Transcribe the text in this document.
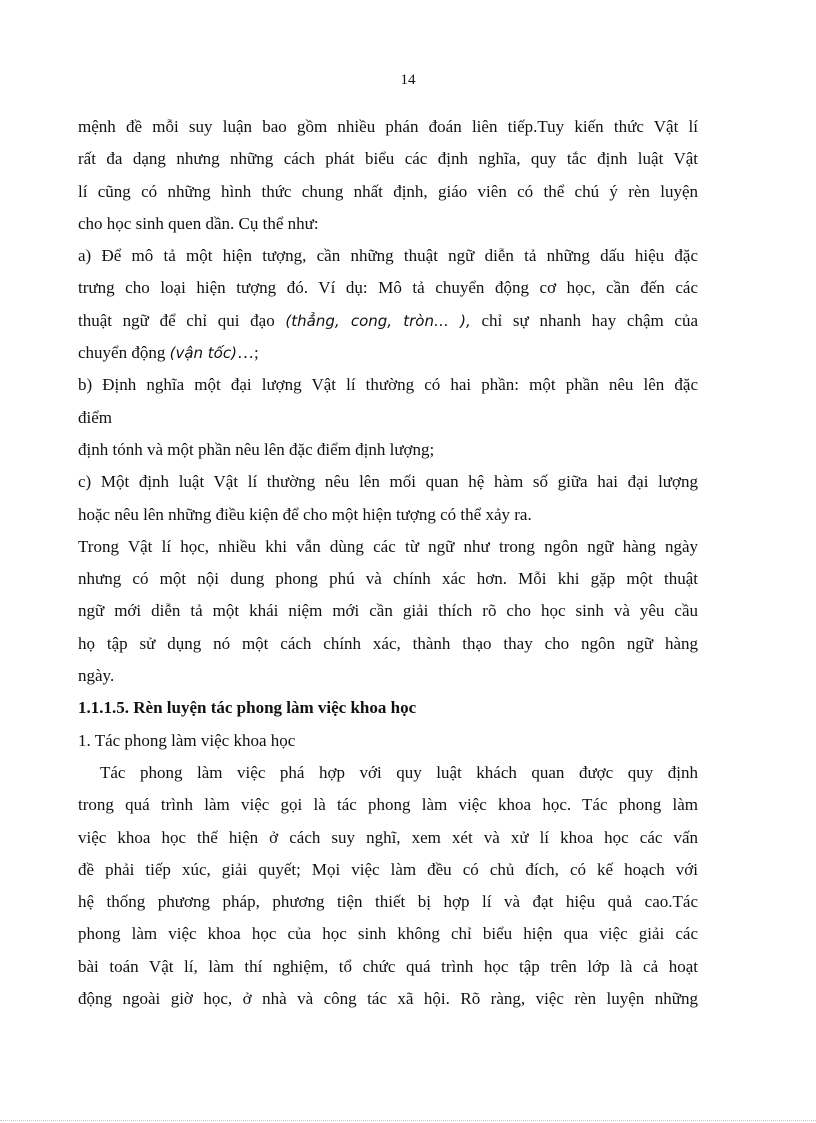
14
mệnh đề mỗi suy luận bao gồm nhiều phán đoán liên tiếp.Tuy kiến thức Vật lí
rất đa dạng nhưng những cách phát biểu các định nghĩa, quy tắc định luật Vật
lí cũng có những hình thức chung nhất định, giáo viên có thể chú ý rèn luyện
cho học sinh quen dần. Cụ thể như:
a) Để mô tả một hiện tượng, cần những thuật ngữ diễn tả những dấu hiệu đặc
trưng cho loại hiện tượng đó. Ví dụ: Mô tả chuyển động cơ học, cần đến các
thuật ngữ để chỉ qui đạo (thẳng, cong, tròn… ), chỉ sự nhanh hay chậm của
chuyển động (vận tốc)…;
b) Định nghĩa một đại lượng Vật lí thường có hai phần: một phần nêu lên đặc
điểm
định tónh và một phần nêu lên đặc điểm định lượng;
c) Một định luật Vật lí thường nêu lên mối quan hệ hàm số giữa hai đại lượng
hoặc nêu lên những điều kiện để cho một hiện tượng có thể xảy ra.
Trong Vật lí học, nhiều khi vẫn dùng các từ ngữ như trong ngôn ngữ hàng ngày
nhưng có một nội dung phong phú và chính xác hơn. Mỗi khi gặp một thuật
ngữ mới diễn tả một khái niệm mới cần giải thích rõ cho học sinh và yêu cầu
họ tập sử dụng nó một cách chính xác, thành thạo thay cho ngôn ngữ hàng
ngày.
1.1.1.5. Rèn luyện tác phong làm việc khoa học
1. Tác phong làm việc khoa học
Tác phong làm việc phá hợp với quy luật khách quan được quy định
trong quá trình làm việc gọi là tác phong làm việc khoa học. Tác phong làm
việc khoa học thể hiện ở cách suy nghĩ, xem xét và xử lí khoa học các vấn
đề phải tiếp xúc, giải quyết; Mọi việc làm đều có chủ đích, có kế hoạch với
hệ thống phương pháp, phương tiện thiết bị hợp lí và đạt hiệu quả cao.Tác
phong làm việc khoa học của học sinh không chỉ biểu hiện qua việc giải các
bài toán Vật lí, làm thí nghiệm, tổ chức quá trình học tập trên lớp là cả hoạt
động ngoài giờ học, ở nhà và công tác xã hội. Rõ ràng, việc rèn luyện những
